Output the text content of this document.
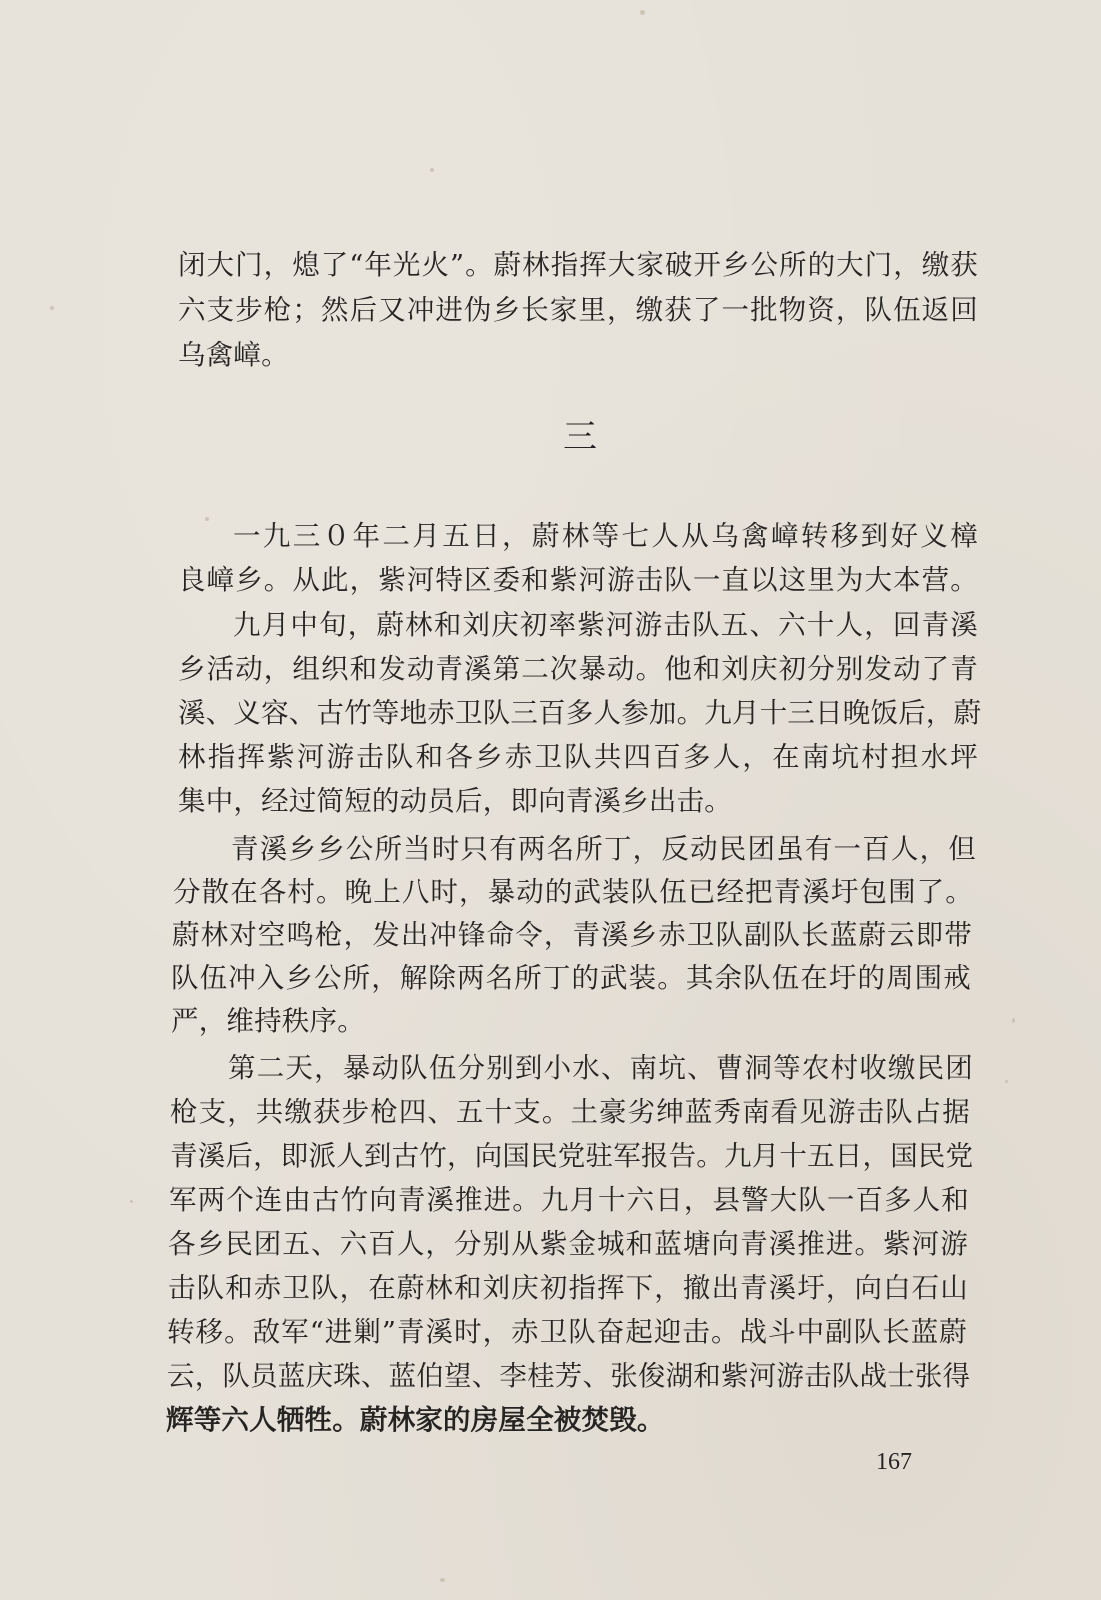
闭大门，熄了“年光火”。蔚林指挥大家破开乡公所的大门，缴获
六支步枪；然后又冲进伪乡长家里，缴获了一批物资，队伍返回
乌禽嶂。
三
一九三０年二月五日，蔚林等七人从乌禽嶂转移到好义樟
良嶂乡。从此，紫河特区委和紫河游击队一直以这里为大本营。
九月中旬，蔚林和刘庆初率紫河游击队五、六十人，回青溪
乡活动，组织和发动青溪第二次暴动。他和刘庆初分别发动了青
溪、义容、古竹等地赤卫队三百多人参加。九月十三日晚饭后，蔚
林指挥紫河游击队和各乡赤卫队共四百多人，在南坑村担水坪
集中，经过简短的动员后，即向青溪乡出击。
青溪乡乡公所当时只有两名所丁，反动民团虽有一百人，但
分散在各村。晚上八时，暴动的武装队伍已经把青溪圩包围了。
蔚林对空鸣枪，发出冲锋命令，青溪乡赤卫队副队长蓝蔚云即带
队伍冲入乡公所，解除两名所丁的武装。其余队伍在圩的周围戒
严，维持秩序。
第二天，暴动队伍分别到小水、南坑、曹洞等农村收缴民团
枪支，共缴获步枪四、五十支。土豪劣绅蓝秀南看见游击队占据
青溪后，即派人到古竹，向国民党驻军报告。九月十五日，国民党
军两个连由古竹向青溪推进。九月十六日，县警大队一百多人和
各乡民团五、六百人，分别从紫金城和蓝塘向青溪推进。紫河游
击队和赤卫队，在蔚林和刘庆初指挥下，撤出青溪圩，向白石山
转移。敌军“进剿”青溪时，赤卫队奋起迎击。战斗中副队长蓝蔚
云，队员蓝庆珠、蓝伯望、李桂芳、张俊湖和紫河游击队战士张得
辉等六人牺牲。蔚林家的房屋全被焚毁。
167
